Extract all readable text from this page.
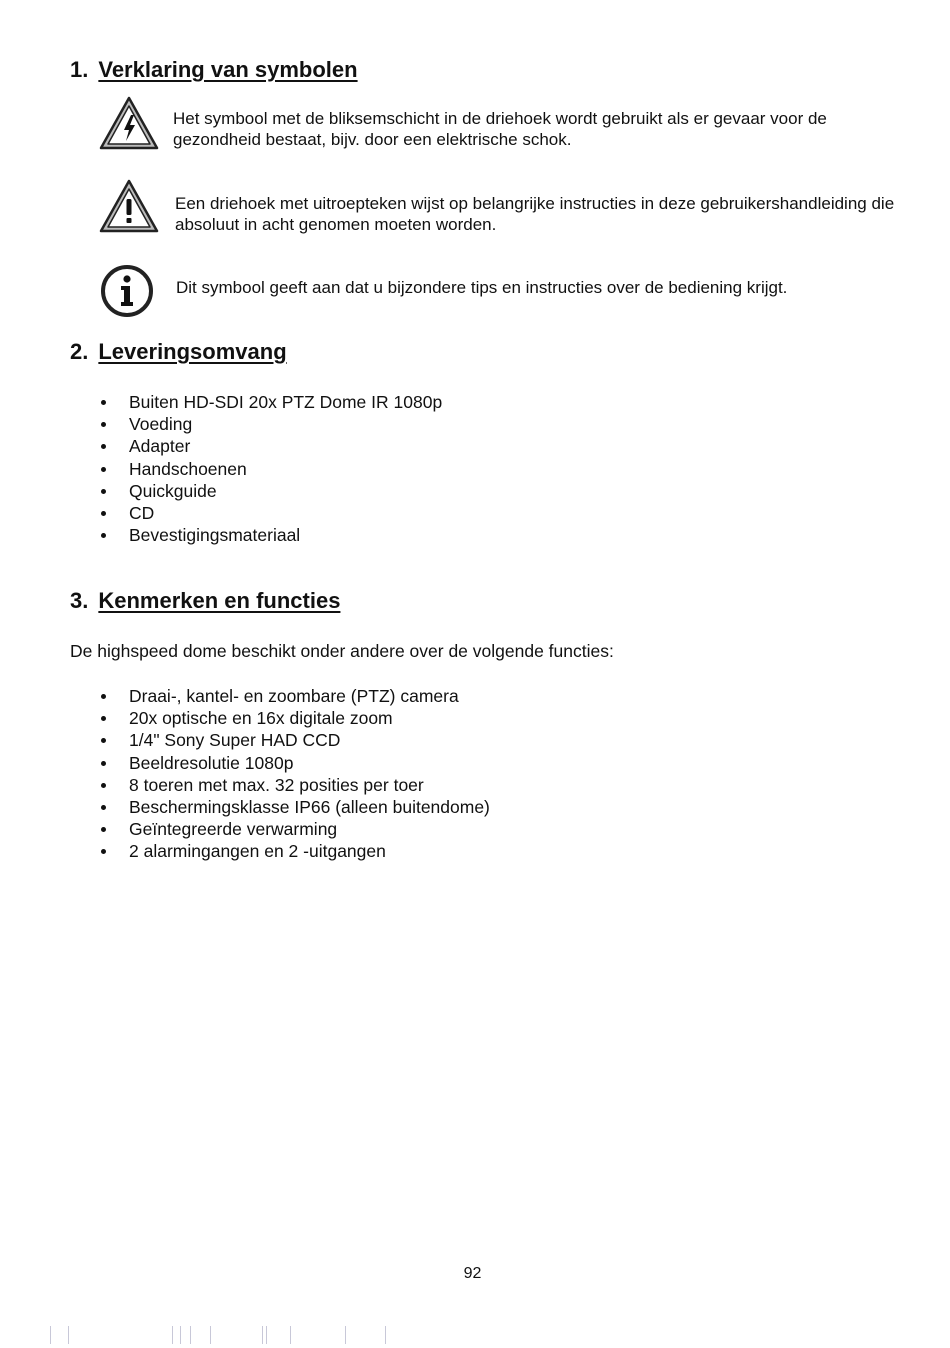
1. Verklaring van symbolen

Het symbool met de bliksemschicht in de driehoek wordt gebruikt als er gevaar voor de gezondheid bestaat, bijv. door een elektrische schok.

Een driehoek met uitroepteken wijst op belangrijke instructies in deze gebruikershandleiding die absoluut in acht genomen moeten worden.

Dit symbool geeft aan dat u bijzondere tips en instructies over de bediening krijgt.

2. Leveringsomvang
Buiten HD-SDI 20x PTZ Dome IR 1080p
Voeding
Adapter
Handschoenen
Quickguide
CD
Bevestigingsmateriaal
3. Kenmerken en functies

De highspeed dome beschikt onder andere over de volgende functies:

Draai-, kantel- en zoombare (PTZ) camera
20x optische en 16x digitale zoom
1/4" Sony Super HAD CCD
Beeldresolutie 1080p
8 toeren met max. 32 posities per toer
Beschermingsklasse IP66 (alleen buitendome)
Geïntegreerde verwarming
2 alarmingangen en 2 -uitgangen
92
